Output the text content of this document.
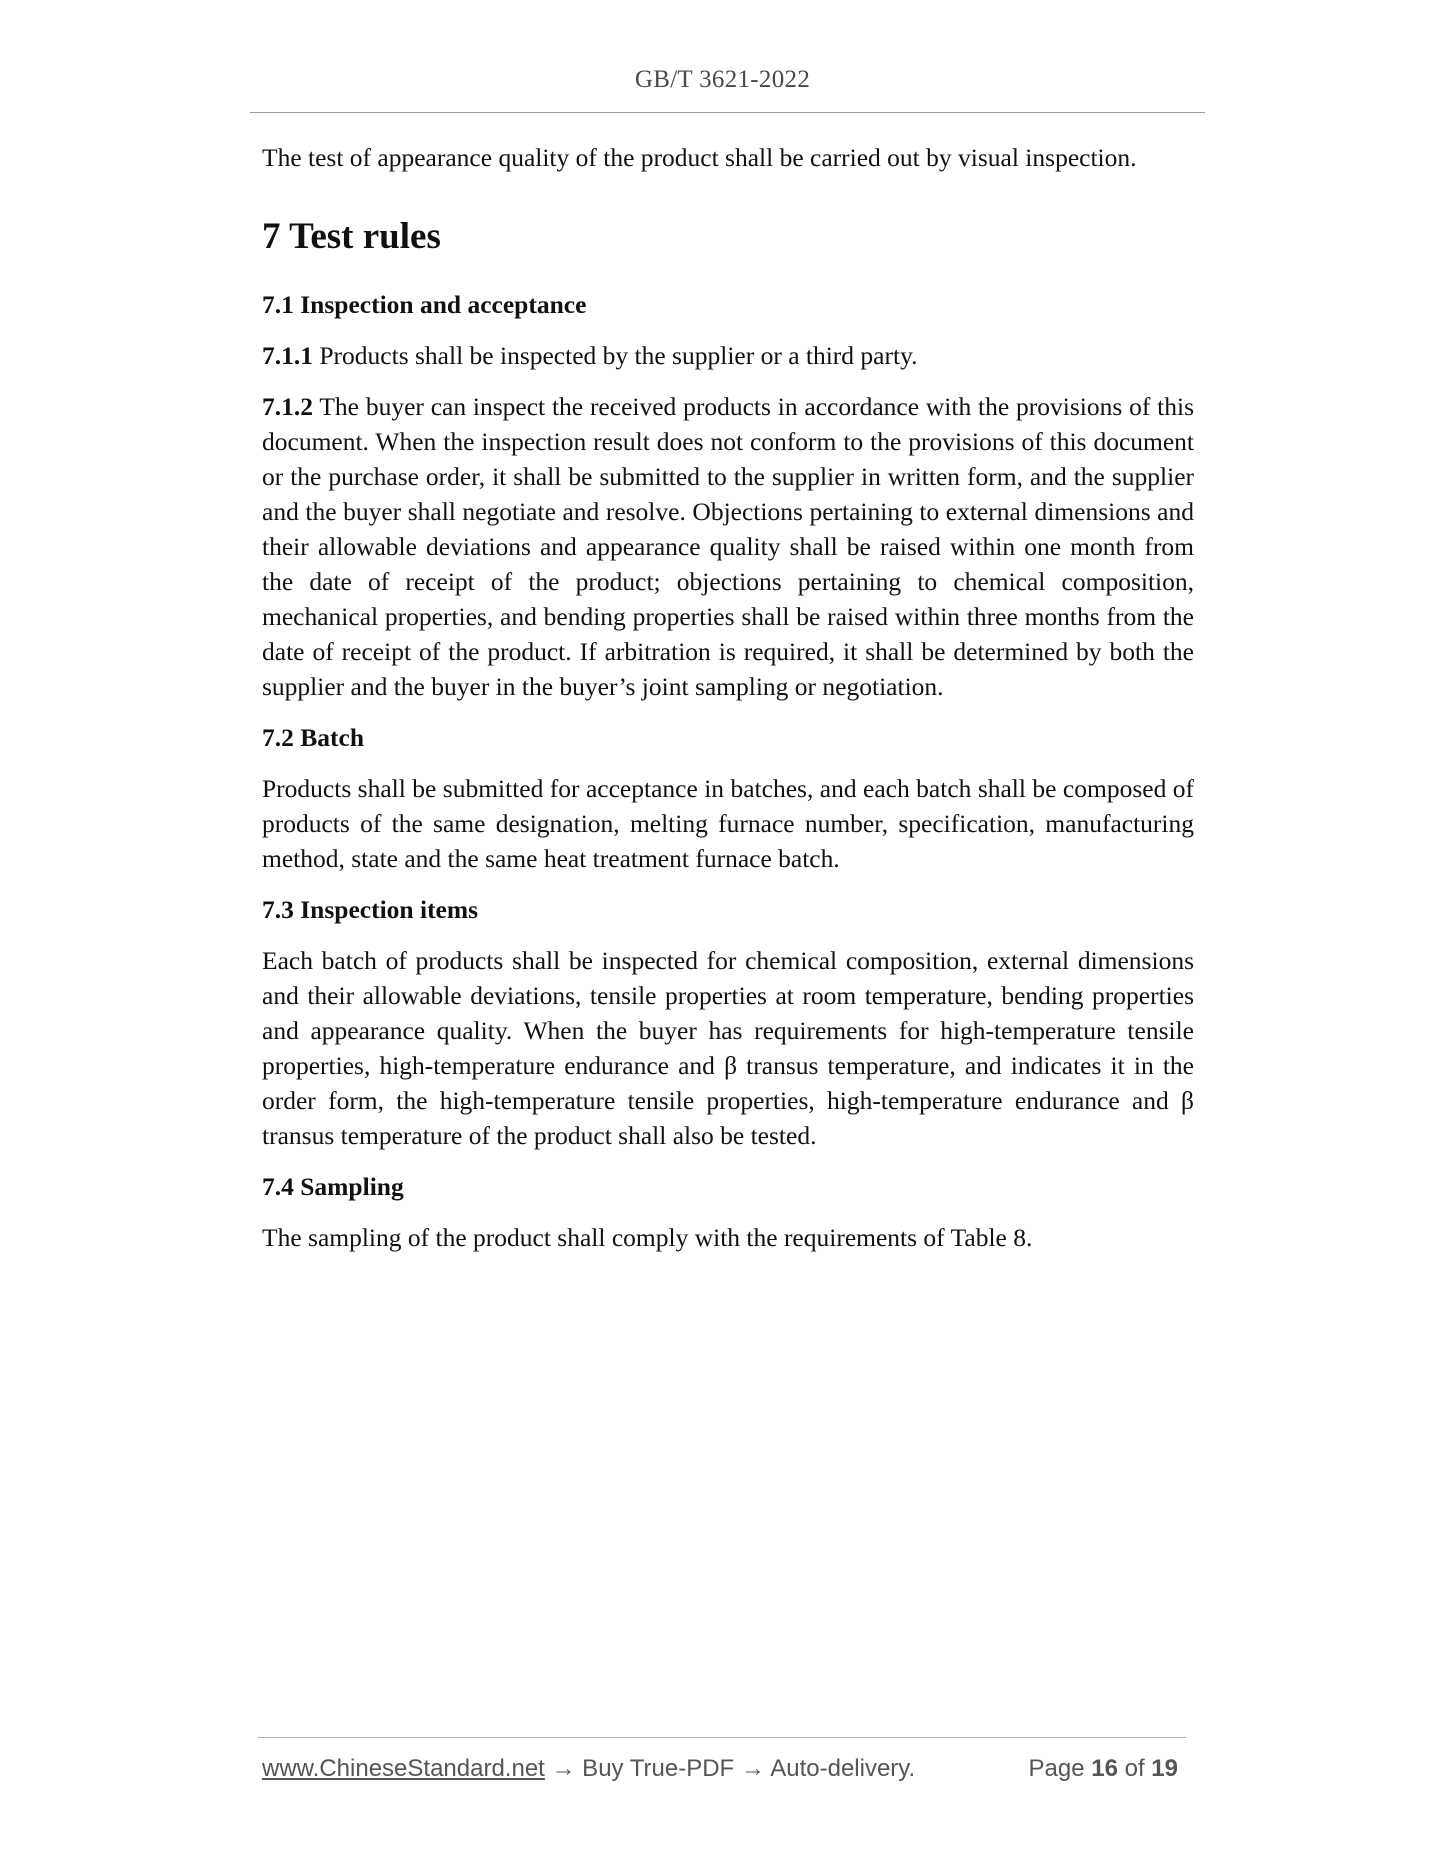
GB/T 3621-2022

The test of appearance quality of the product shall be carried out by visual inspection.

7 Test rules
7.1 Inspection and acceptance

7.1.1 Products shall be inspected by the supplier or a third party.

7.1.2 The buyer can inspect the received products in accordance with the provisions of this document. When the inspection result does not conform to the provisions of this document or the purchase order, it shall be submitted to the supplier in written form, and the supplier and the buyer shall negotiate and resolve. Objections pertaining to external dimensions and their allowable deviations and appearance quality shall be raised within one month from the date of receipt of the product; objections pertaining to chemical composition, mechanical properties, and bending properties shall be raised within three months from the date of receipt of the product. If arbitration is required, it shall be determined by both the supplier and the buyer in the buyer’s joint sampling or negotiation.

7.2 Batch

Products shall be submitted for acceptance in batches, and each batch shall be composed of products of the same designation, melting furnace number, specification, manufacturing method, state and the same heat treatment furnace batch.

7.3 Inspection items

Each batch of products shall be inspected for chemical composition, external dimensions and their allowable deviations, tensile properties at room temperature, bending properties and appearance quality. When the buyer has requirements for high-temperature tensile properties, high-temperature endurance and β transus temperature, and indicates it in the order form, the high-temperature tensile properties, high-temperature endurance and β transus temperature of the product shall also be tested.

7.4 Sampling

The sampling of the product shall comply with the requirements of Table 8.

www.ChineseStandard.net → Buy True-PDF → Auto-delivery.	Page 16 of 19
